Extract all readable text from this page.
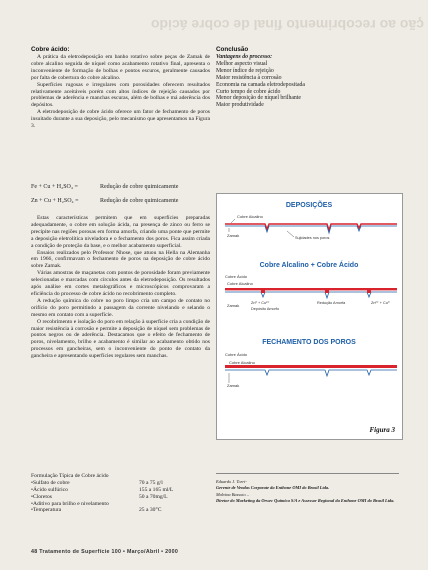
ção ao recobrimento final de cobre ácido
Cobre ácido:

A prática da eletrodeposição em banho rotativo sobre peças de Zamak de cobre alcalino seguida de níquel como acabamento rotativo final, apresenta o inconveniente de formação de bolhas e pontos escuros, geralmente causados por falta de cobertura do cobre alcalino.

Superfícies rugosas e irregulares com porosidades oferecem resultados relativamente aceitáveis porém com altos índices de rejeição causados por problemas de aderência e manchas escuras, além de bolhas e má aderência dos depósitos.

A eletrodeposição de cobre ácido oferece um fator de fechamento de poros insuitado durante a sua deposição, pelo mecanismo que apresentamos na Figura 3.

Fe + Cu + H₂SO₄ =	Redução de cobre quimicamente
Zn + Cu + H₂SO₄ =	Redução de cobre quimicamente

Estas características permitem que em superfícies preparadas adequadamente, o cobre em solução ácida, na presença de zinco ou ferro se precipite nas regiões porosas em forma amorfa, criando uma ponte que permite a deposição eletrolítica niveladora e o fechamento dos poros. Fica assim criada a condição de proteção da base, e o melhor acabamento superficial.

Ensaios realizados pelo Professor Nhose, que atuou na Hella na Alemanha em 1966, confirmavam o fechamento de poros na deposição de cobre ácido sobre Zamak.

Várias amostras de maçanetas com pontos de porosidade foram previamente selecionadas e marcadas com círculos antes da eletrodeposição. Os resultados após análise em cortes metalográficos e microscópicos comprovaram a eficiência do processo de cobre ácido no recobrimento completo.

A redução química do cobre no poro limpo cria um campo de contato no orifício do poro permitindo a passagem da corrente nivelando e selando o mesmo em contato com a superfície.

O recobrimento e isolação do poro em relação à superfície cria a condição de maior resistência à corrosão e permite a deposição de níquel sem problemas de pontos negros ou de aderência. Destacamos que o efeito de fechamento de poros, nivelamento, brilho e acabamento é similar ao acabamento obtido nos processos em gancheiras, sem o inconveniente do ponto de contato da gancheira e apresentando superfícies regulares sem manchas.

Conclusão
Vantagens do processo:
Melhor aspecto visual
Menor índice de rejeição
Maior resistência à corrosão
Economia na camada eletrodepositada
Curto tempo de cobre ácido
Menor deposição de níquel brilhante
Maior produtividade
DEPOSIÇÕES
Cobre Alcalino
Zamak	Sujidades nos poros
Cobre Alcalino + Cobre Ácido
Cobre Ácido
Cobre Alcalino
Zamak	Zn⁰ + Cu²⁺
Depósito Amorfo
Redução Amorfa	Zn²⁺ + Cu⁰
FECHAMENTO DOS POROS
Cobre Ácido
Cobre Alcalino
Zamak
Figura 3
Formulação Típica de Cobre ácido
•Sulfato de cobre	70 a 75 g/l
•Ácido sulfúrico	155 a 165 ml/L
•Cloretos	50 a 70mg/L
•Aditivo para brilho e nivelamento
•Temperatura	25 a 30°C
Eduardo J. Torri-
Gerente de Vendas Corporate da Enthone OMI do Brasil Ltda.
Malvina Bassoto –
Diretor do Marketing da Orwec Química S/A e Assessor Regional da Enthone OMI do Brasil Ltda.
48 Tratamento de Superfície 100 • Março/Abril • 2000
